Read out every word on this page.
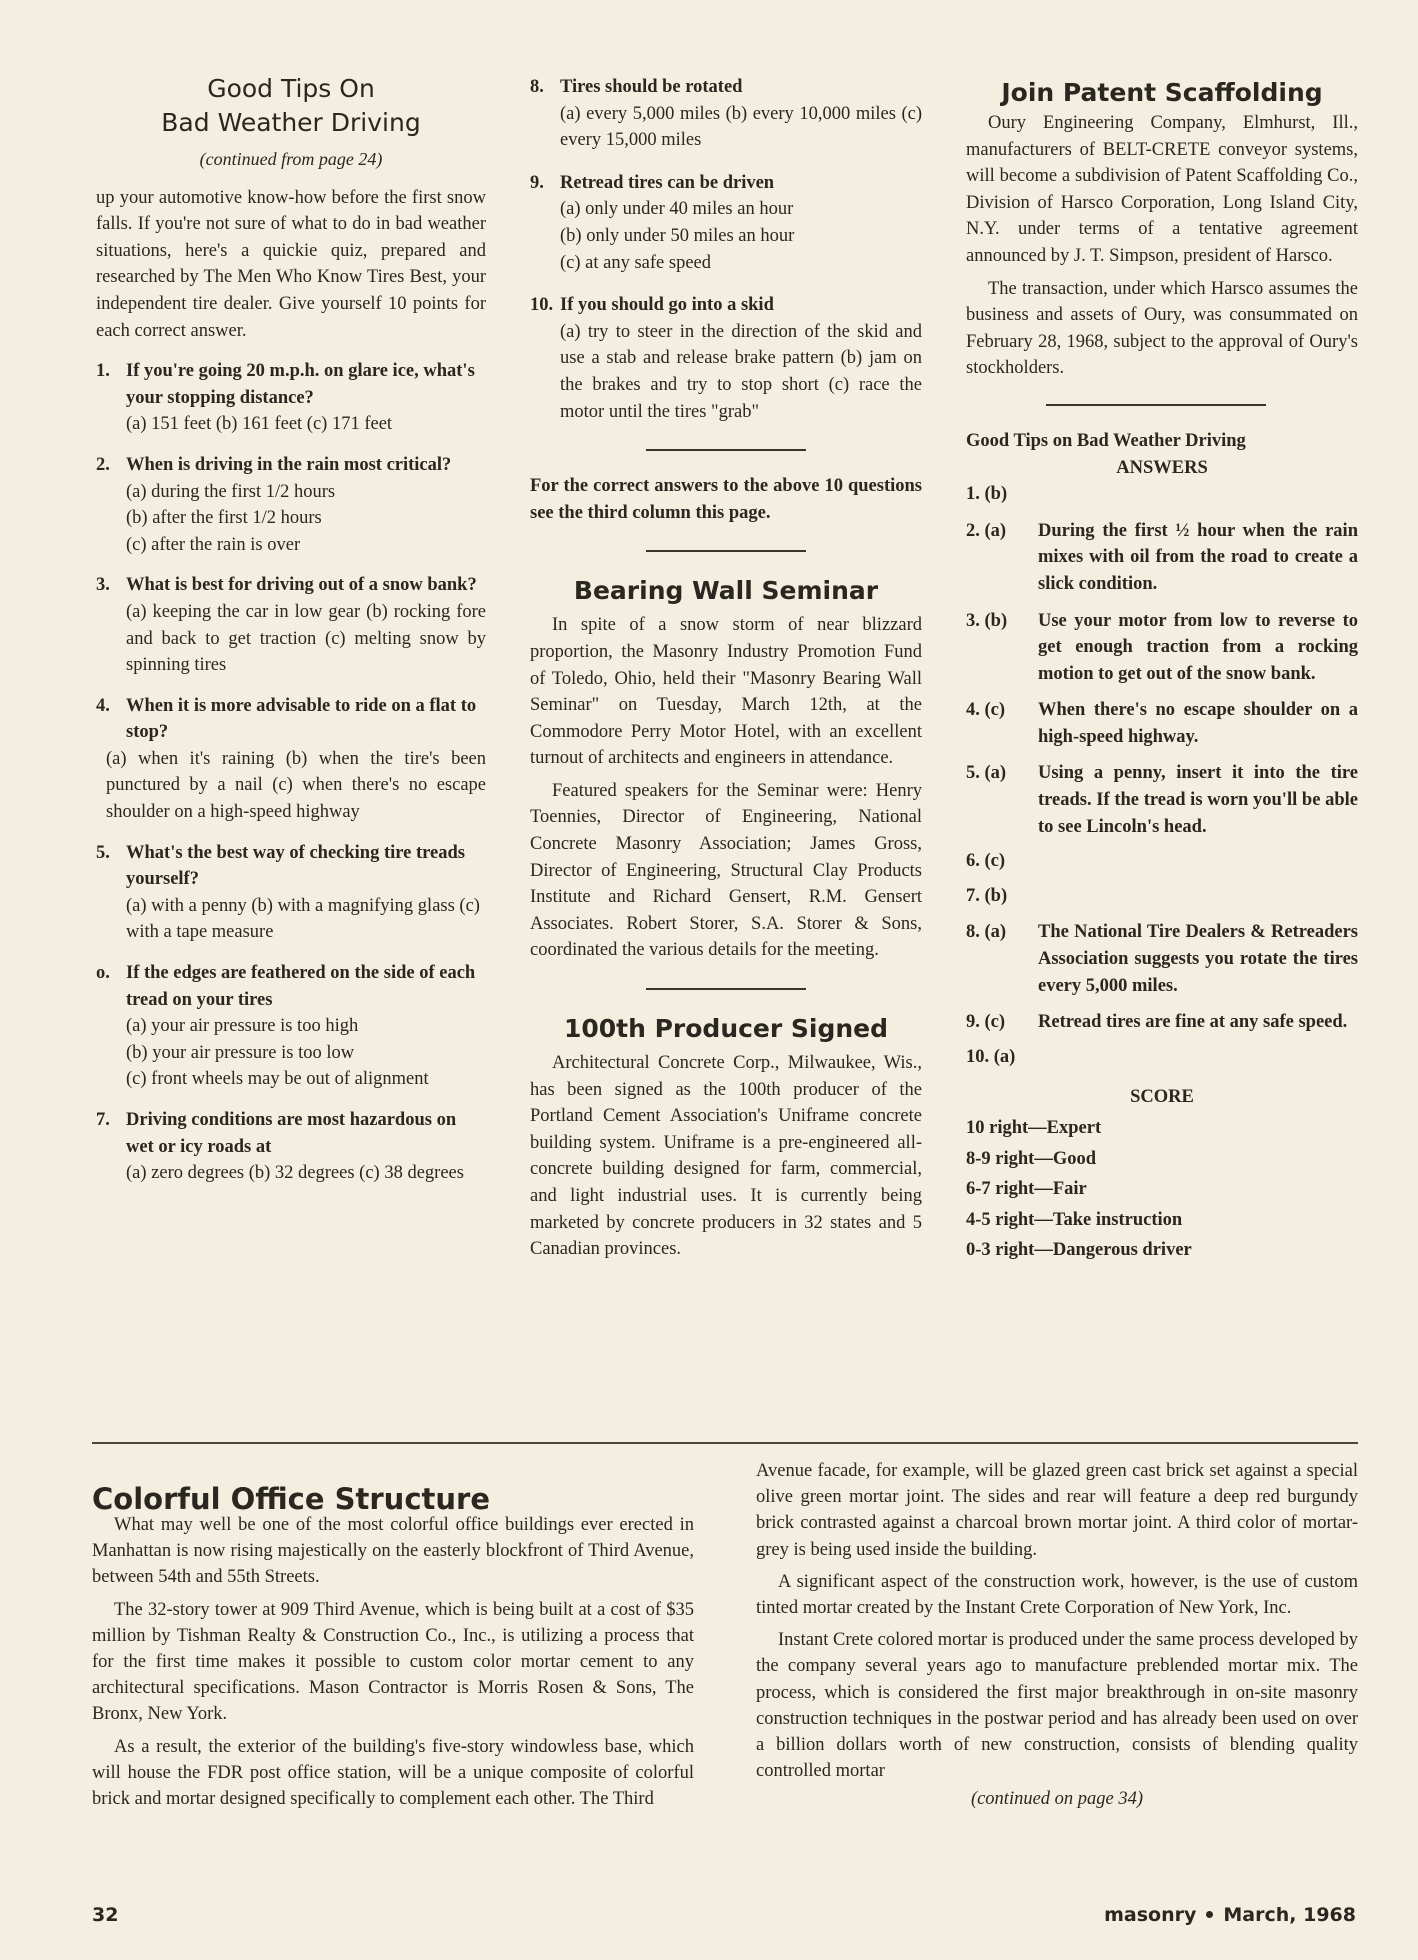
Good Tips On
Bad Weather Driving
(continued from page 24)

up your automotive know-how before the first snow falls. If you're not sure of what to do in bad weather situations, here's a quickie quiz, prepared and researched by The Men Who Know Tires Best, your independent tire dealer. Give yourself 10 points for each correct answer.

1. If you're going 20 m.p.h. on glare ice, what's your stopping distance?
(a) 151 feet (b) 161 feet (c) 171 feet
2. When is driving in the rain most critical?
(a) during the first 1/2 hours
(b) after the first 1/2 hours
(c) after the rain is over
3. What is best for driving out of a snow bank?
(a) keeping the car in low gear (b) rocking fore and back to get traction (c) melting snow by spinning tires
4. When it is more advisable to ride on a flat to stop?
(a) when it's raining (b) when the tire's been punctured by a nail (c) when there's no escape shoulder on a high-speed highway
5. What's the best way of checking tire treads yourself?
(a) with a penny (b) with a magnifying glass (c) with a tape measure
o. If the edges are feathered on the side of each tread on your tires
(a) your air pressure is too high
(b) your air pressure is too low
(c) front wheels may be out of alignment
7. Driving conditions are most hazardous on wet or icy roads at
(a) zero degrees (b) 32 degrees (c) 38 degrees
8. Tires should be rotated
(a) every 5,000 miles (b) every 10,000 miles (c) every 15,000 miles
9. Retread tires can be driven
(a) only under 40 miles an hour
(b) only under 50 miles an hour
(c) at any safe speed
10. If you should go into a skid
(a) try to steer in the direction of the skid and use a stab and release brake pattern (b) jam on the brakes and try to stop short (c) race the motor until the tires "grab"

For the correct answers to the above 10 questions see the third column this page.

Bearing Wall Seminar

In spite of a snow storm of near blizzard proportion, the Masonry Industry Promotion Fund of Toledo, Ohio, held their "Masonry Bearing Wall Seminar" on Tuesday, March 12th, at the Commodore Perry Motor Hotel, with an excellent turnout of architects and engineers in attendance.

Featured speakers for the Seminar were: Henry Toennies, Director of Engineering, National Concrete Masonry Association; James Gross, Director of Engineering, Structural Clay Products Institute and Richard Gensert, R.M. Gensert Associates. Robert Storer, S.A. Storer & Sons, coordinated the various details for the meeting.

100th Producer Signed

Architectural Concrete Corp., Milwaukee, Wis., has been signed as the 100th producer of the Portland Cement Association's Uniframe concrete building system. Uniframe is a pre-engineered all-concrete building designed for farm, commercial, and light industrial uses. It is currently being marketed by concrete producers in 32 states and 5 Canadian provinces.

Join Patent Scaffolding

Oury Engineering Company, Elmhurst, Ill., manufacturers of BELT-CRETE conveyor systems, will become a subdivision of Patent Scaffolding Co., Division of Harsco Corporation, Long Island City, N.Y. under terms of a tentative agreement announced by J. T. Simpson, president of Harsco.

The transaction, under which Harsco assumes the business and assets of Oury, was consummated on February 28, 1968, subject to the approval of Oury's stockholders.

Good Tips on Bad Weather Driving
ANSWERS
1. (b)
2. (a) During the first ½ hour when the rain mixes with oil from the road to create a slick condition.
3. (b) Use your motor from low to reverse to get enough traction from a rocking motion to get out of the snow bank.
4. (c) When there's no escape shoulder on a high-speed highway.
5. (a) Using a penny, insert it into the tire treads. If the tread is worn you'll be able to see Lincoln's head.
6. (c)
7. (b)
8. (a) The National Tire Dealers & Retreaders Association suggests you rotate the tires every 5,000 miles.
9. (c) Retread tires are fine at any safe speed.
10. (a)
SCORE
10 right—Expert
8-9 right—Good
6-7 right—Fair
4-5 right—Take instruction
0-3 right—Dangerous driver
Colorful Office Structure

What may well be one of the most colorful office buildings ever erected in Manhattan is now rising majestically on the easterly blockfront of Third Avenue, between 54th and 55th Streets.

The 32-story tower at 909 Third Avenue, which is being built at a cost of $35 million by Tishman Realty & Construction Co., Inc., is utilizing a process that for the first time makes it possible to custom color mortar cement to any architectural specifications. Mason Contractor is Morris Rosen & Sons, The Bronx, New York.

As a result, the exterior of the building's five-story windowless base, which will house the FDR post office station, will be a unique composite of colorful brick and mortar designed specifically to complement each other. The Third

Avenue facade, for example, will be glazed green cast brick set against a special olive green mortar joint. The sides and rear will feature a deep red burgundy brick contrasted against a charcoal brown mortar joint. A third color of mortar-grey is being used inside the building.

A significant aspect of the construction work, however, is the use of custom tinted mortar created by the Instant Crete Corporation of New York, Inc.

Instant Crete colored mortar is produced under the same process developed by the company several years ago to manufacture preblended mortar mix. The process, which is considered the first major breakthrough in on-site masonry construction techniques in the postwar period and has already been used on over a billion dollars worth of new construction, consists of blending quality controlled mortar

(continued on page 34)
32	masonry March, 1968
